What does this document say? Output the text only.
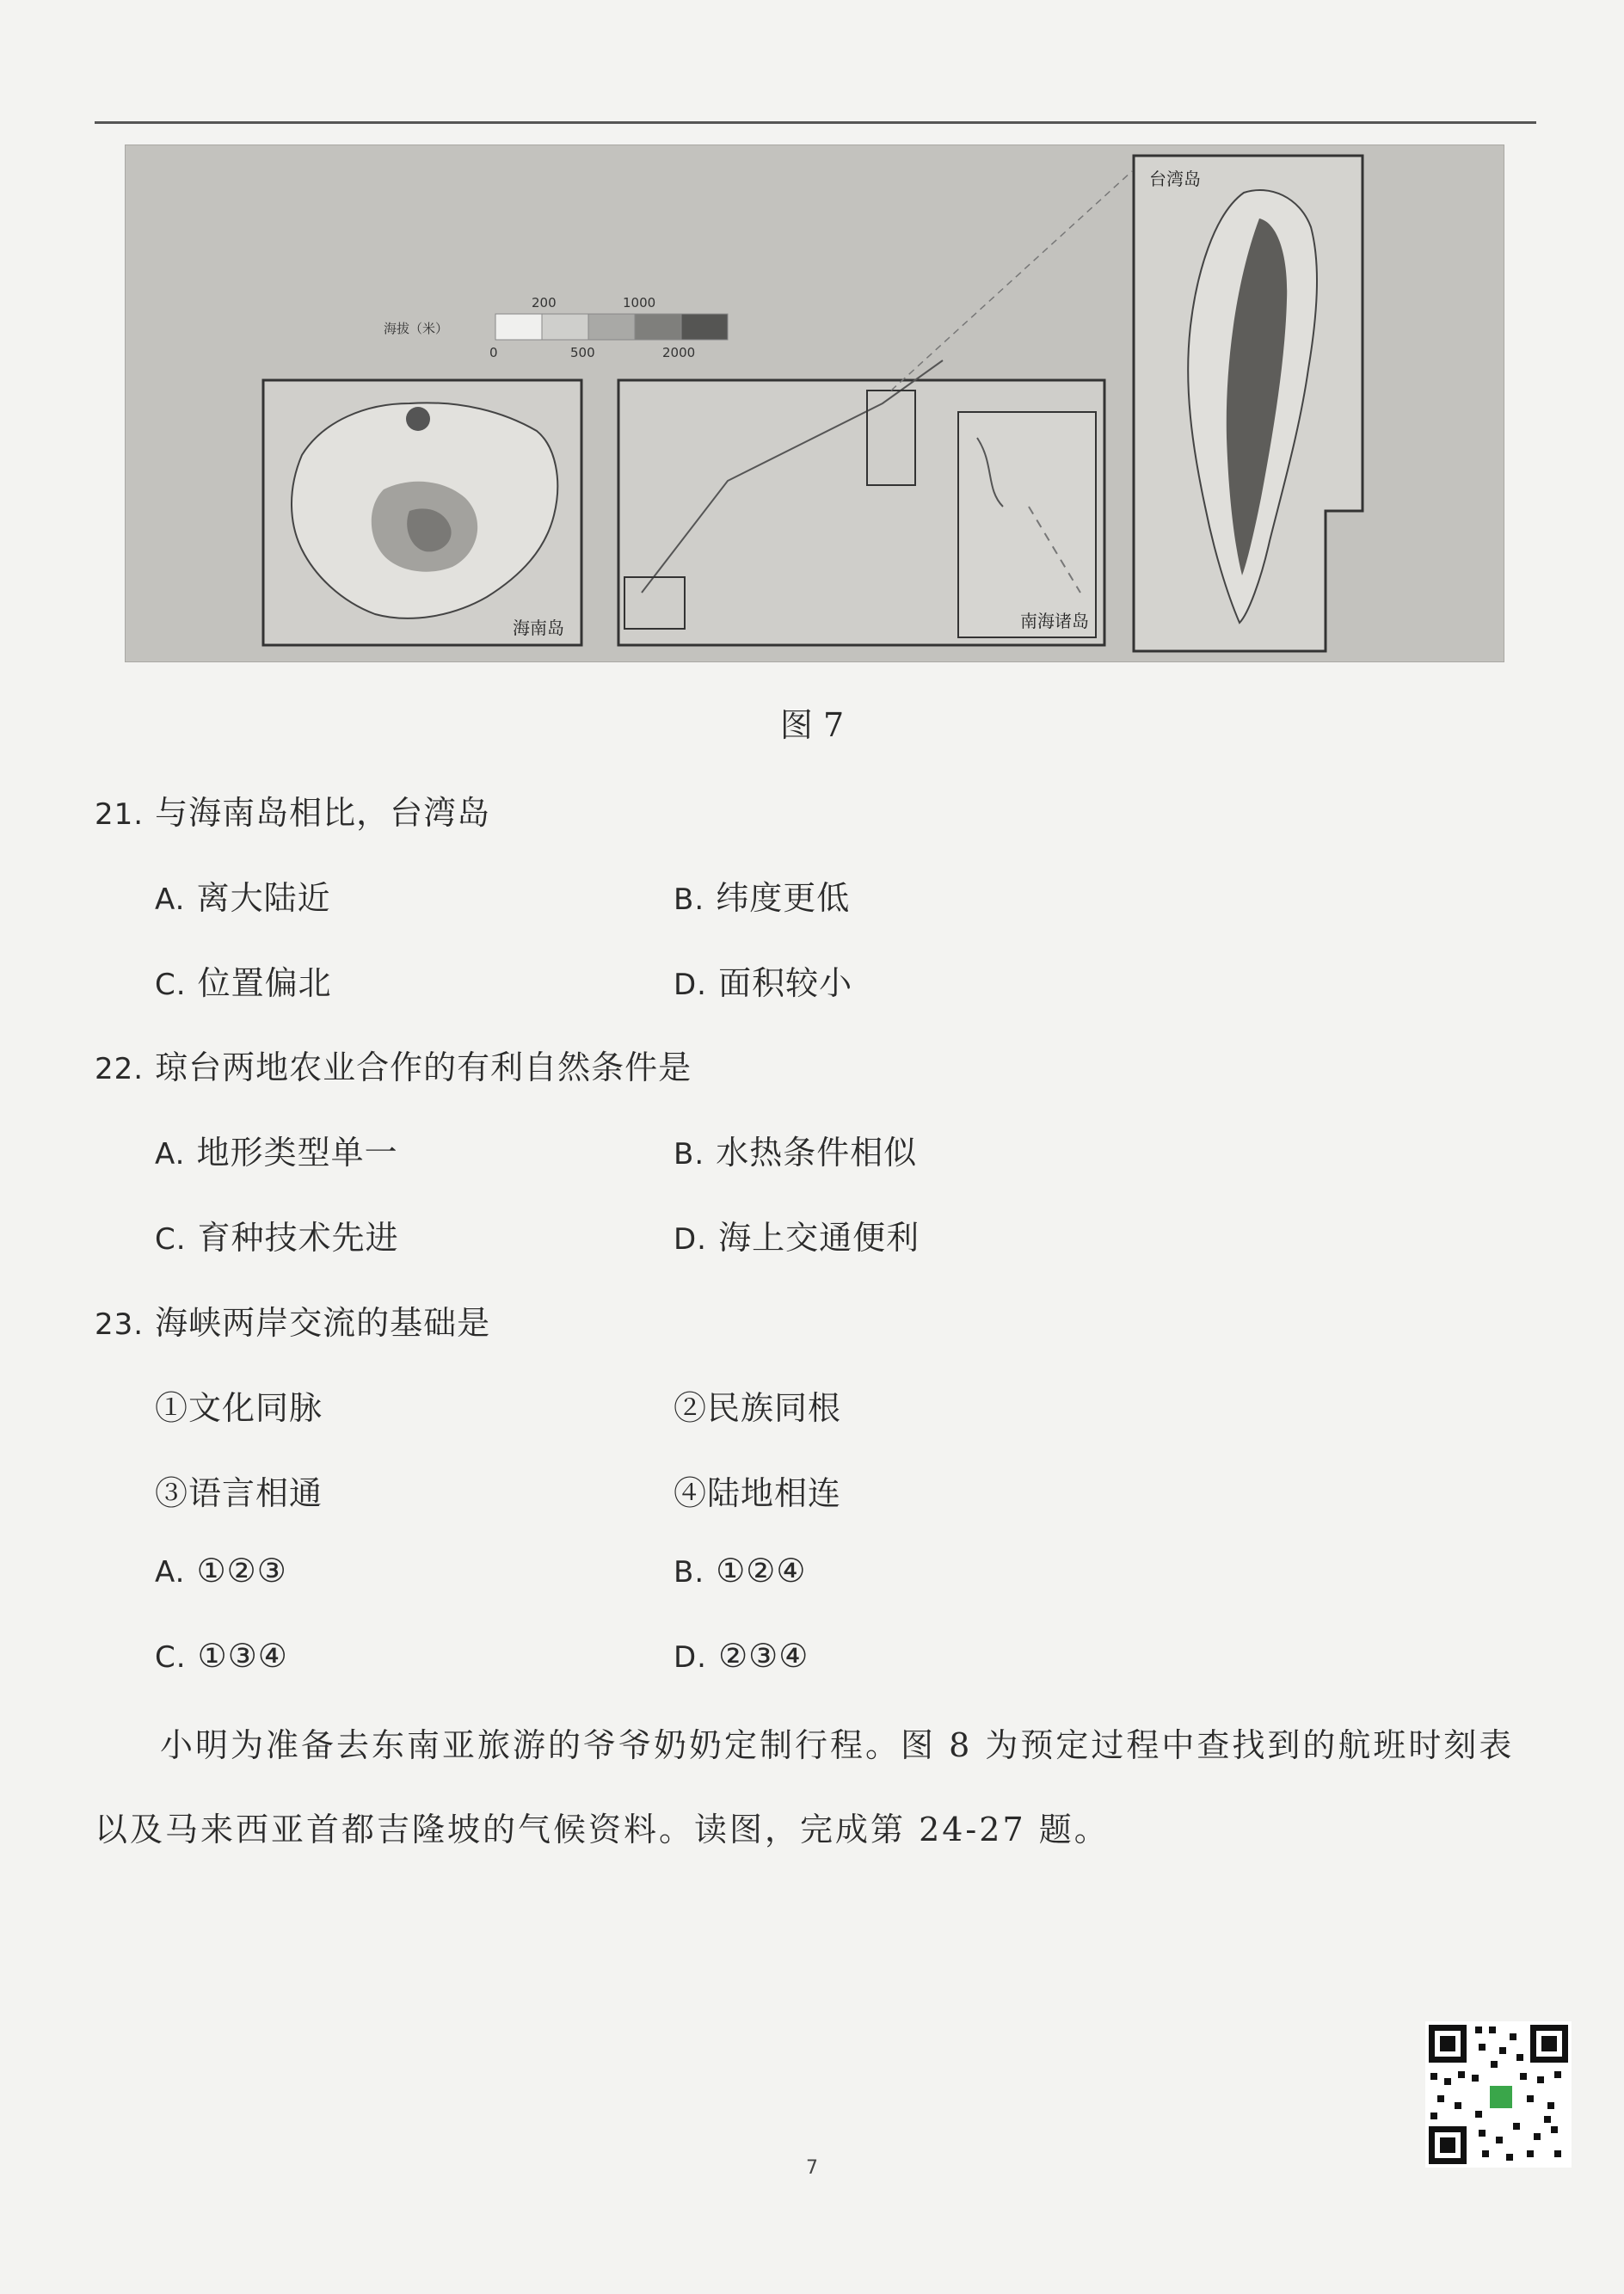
海拔（米）
200	1000
0	500	2000
海南岛	南海诸岛
台湾岛
图 7
21. 与海南岛相比，台湾岛
A. 离大陆近	B. 纬度更低
C. 位置偏北	D. 面积较小
22. 琼台两地农业合作的有利自然条件是
A. 地形类型单一	B. 水热条件相似
C. 育种技术先进	D. 海上交通便利
23. 海峡两岸交流的基础是
①文化同脉	②民族同根
③语言相通	④陆地相连
A. ①②③	B. ①②④
C. ①③④	D. ②③④

小明为准备去东南亚旅游的爷爷奶奶定制行程。图 8 为预定过程中查找到的航班时刻表以及马来西亚首都吉隆坡的气候资料。读图，完成第 24-27 题。

7
